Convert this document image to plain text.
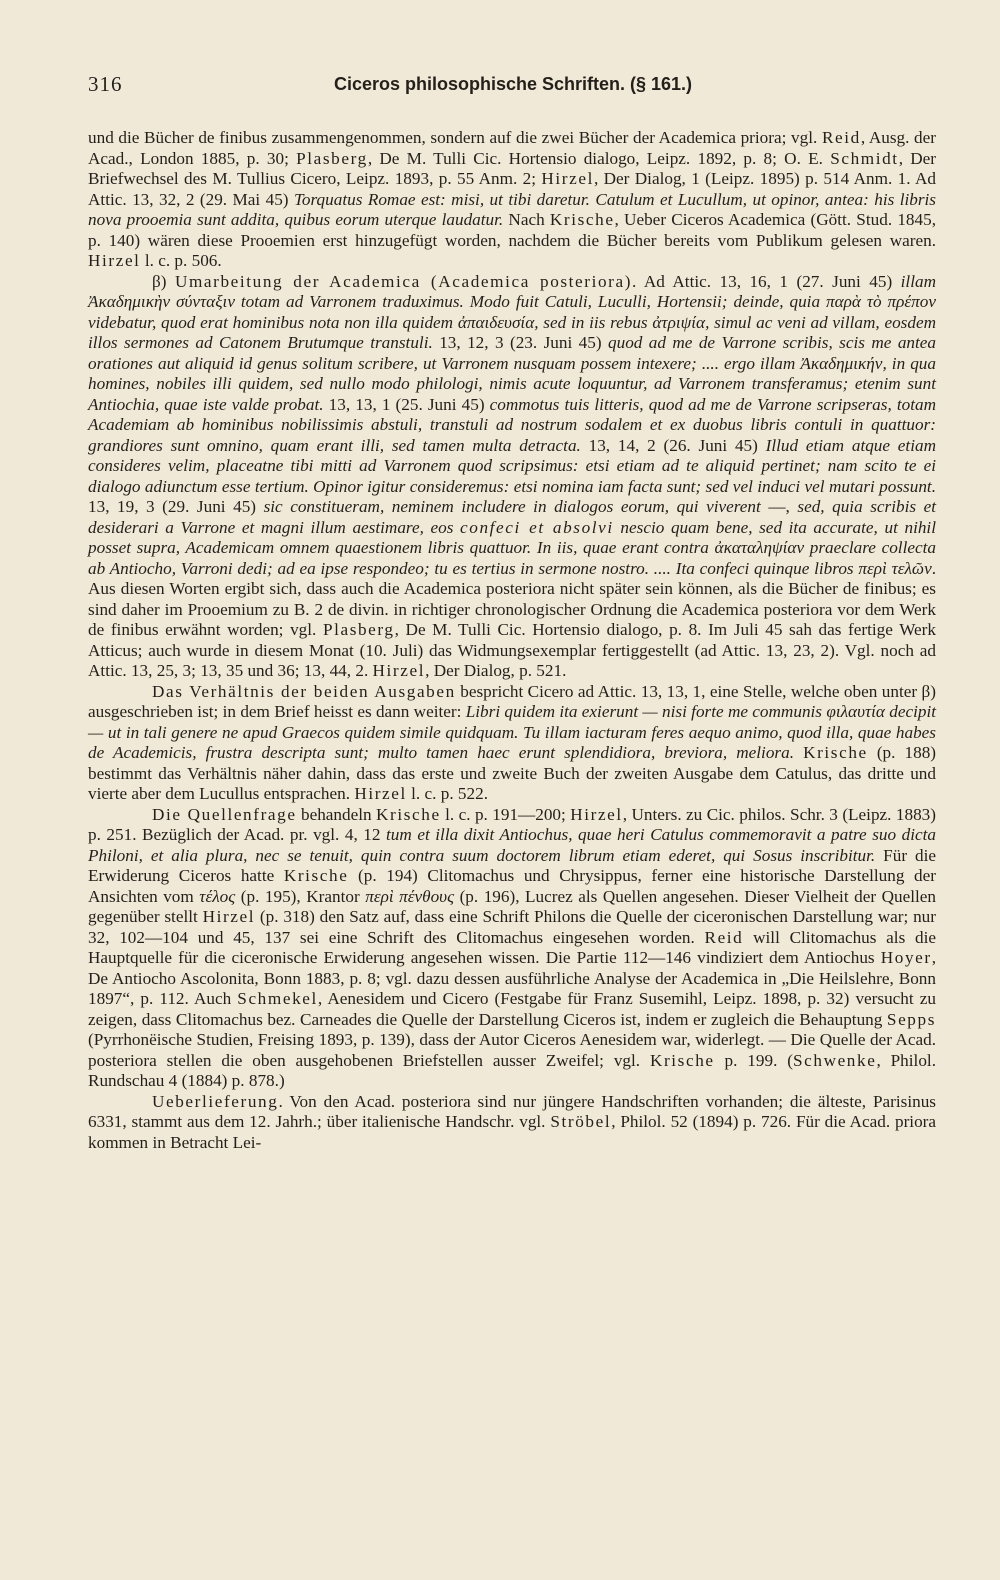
316	Ciceros philosophische Schriften. (§ 161.)

und die Bücher de finibus zusammengenommen, sondern auf die zwei Bücher der Academica priora; vgl. Reid, Ausg. der Acad., London 1885, p. 30; Plasberg, De M. Tulli Cic. Hortensio dialogo, Leipz. 1892, p. 8; O. E. Schmidt, Der Briefwechsel des M. Tullius Cicero, Leipz. 1893, p. 55 Anm. 2; Hirzel, Der Dialog, 1 (Leipz. 1895) p. 514 Anm. 1. Ad Attic. 13, 32, 2 (29. Mai 45) Torquatus Romae est: misi, ut tibi daretur. Catulum et Lucullum, ut opinor, antea: his libris nova prooemia sunt addita, quibus eorum uterque laudatur. Nach Krische, Ueber Ciceros Academica (Gött. Stud. 1845, p. 140) wären diese Prooemien erst hinzugefügt worden, nachdem die Bücher bereits vom Publikum gelesen waren. Hirzel l. c. p. 506.

β) Umarbeitung der Academica (Academica posteriora). Ad Attic. 13, 16, 1 (27. Juni 45) illam Ἀκαδημικὴν σύνταξιν totam ad Varronem traduximus. Modo fuit Catuli, Luculli, Hortensii; deinde, quia παρὰ τὸ πρέπον videbatur, quod erat hominibus nota non illa quidem ἀπαιδευσία, sed in iis rebus ἀτριψία, simul ac veni ad villam, eosdem illos sermones ad Catonem Brutumque transtuli. 13, 12, 3 (23. Juni 45) quod ad me de Varrone scribis, scis me antea orationes aut aliquid id genus solitum scribere, ut Varronem nusquam possem intexere; .... ergo illam Ἀκαδημικήν, in qua homines, nobiles illi quidem, sed nullo modo philologi, nimis acute loquuntur, ad Varronem transferamus; etenim sunt Antiochia, quae iste valde probat. 13, 13, 1 (25. Juni 45) commotus tuis litteris, quod ad me de Varrone scripseras, totam Academiam ab hominibus nobilissimis abstuli, transtuli ad nostrum sodalem et ex duobus libris contuli in quattuor: grandiores sunt omnino, quam erant illi, sed tamen multa detracta. 13, 14, 2 (26. Juni 45) Illud etiam atque etiam consideres velim, placeatne tibi mitti ad Varronem quod scripsimus: etsi etiam ad te aliquid pertinet; nam scito te ei dialogo adiunctum esse tertium. Opinor igitur consideremus: etsi nomina iam facta sunt; sed vel induci vel mutari possunt. 13, 19, 3 (29. Juni 45) sic constitueram, neminem includere in dialogos eorum, qui viverent —, sed, quia scribis et desiderari a Varrone et magni illum aestimare, eos confeci et absolvi nescio quam bene, sed ita accurate, ut nihil posset supra, Academicam omnem quaestionem libris quattuor. In iis, quae erant contra ἀκαταληψίαν praeclare collecta ab Antiocho, Varroni dedi; ad ea ipse respondeo; tu es tertius in sermone nostro. .... Ita confeci quinque libros περὶ τελῶν. Aus diesen Worten ergibt sich, dass auch die Academica posteriora nicht später sein können, als die Bücher de finibus; es sind daher im Prooemium zu B. 2 de divin. in richtiger chronologischer Ordnung die Academica posteriora vor dem Werk de finibus erwähnt worden; vgl. Plasberg, De M. Tulli Cic. Hortensio dialogo, p. 8. Im Juli 45 sah das fertige Werk Atticus; auch wurde in diesem Monat (10. Juli) das Widmungsexemplar fertiggestellt (ad Attic. 13, 23, 2). Vgl. noch ad Attic. 13, 25, 3; 13, 35 und 36; 13, 44, 2. Hirzel, Der Dialog, p. 521.

Das Verhältnis der beiden Ausgaben bespricht Cicero ad Attic. 13, 13, 1, eine Stelle, welche oben unter β) ausgeschrieben ist; in dem Brief heisst es dann weiter: Libri quidem ita exierunt — nisi forte me communis φιλαυτία decipit — ut in tali genere ne apud Graecos quidem simile quidquam. Tu illam iacturam feres aequo animo, quod illa, quae habes de Academicis, frustra descripta sunt; multo tamen haec erunt splendidiora, breviora, meliora. Krische (p. 188) bestimmt das Verhältnis näher dahin, dass das erste und zweite Buch der zweiten Ausgabe dem Catulus, das dritte und vierte aber dem Lucullus entsprachen. Hirzel l. c. p. 522.

Die Quellenfrage behandeln Krische l. c. p. 191—200; Hirzel, Unters. zu Cic. philos. Schr. 3 (Leipz. 1883) p. 251. Bezüglich der Acad. pr. vgl. 4, 12 tum et illa dixit Antiochus, quae heri Catulus commemoravit a patre suo dicta Philoni, et alia plura, nec se tenuit, quin contra suum doctorem librum etiam ederet, qui Sosus inscribitur. Für die Erwiderung Ciceros hatte Krische (p. 194) Clitomachus und Chrysippus, ferner eine historische Darstellung der Ansichten vom τέλος (p. 195), Krantor περὶ πένθους (p. 196), Lucrez als Quellen angesehen. Dieser Vielheit der Quellen gegenüber stellt Hirzel (p. 318) den Satz auf, dass eine Schrift Philons die Quelle der ciceronischen Darstellung war; nur 32, 102—104 und 45, 137 sei eine Schrift des Clitomachus eingesehen worden. Reid will Clitomachus als die Hauptquelle für die ciceronische Erwiderung angesehen wissen. Die Partie 112—146 vindiziert dem Antiochus Hoyer, De Antiocho Ascolonita, Bonn 1883, p. 8; vgl. dazu dessen ausführliche Analyse der Academica in „Die Heilslehre, Bonn 1897“, p. 112. Auch Schmekel, Aenesidem und Cicero (Festgabe für Franz Susemihl, Leipz. 1898, p. 32) versucht zu zeigen, dass Clitomachus bez. Carneades die Quelle der Darstellung Ciceros ist, indem er zugleich die Behauptung Sepps (Pyrrhonëische Studien, Freising 1893, p. 139), dass der Autor Ciceros Aenesidem war, widerlegt. — Die Quelle der Acad. posteriora stellen die oben ausgehobenen Briefstellen ausser Zweifel; vgl. Krische p. 199. (Schwenke, Philol. Rundschau 4 (1884) p. 878.)

Ueberlieferung. Von den Acad. posteriora sind nur jüngere Handschriften vorhanden; die älteste, Parisinus 6331, stammt aus dem 12. Jahrh.; über italienische Handschr. vgl. Ströbel, Philol. 52 (1894) p. 726. Für die Acad. priora kommen in Betracht Lei-
